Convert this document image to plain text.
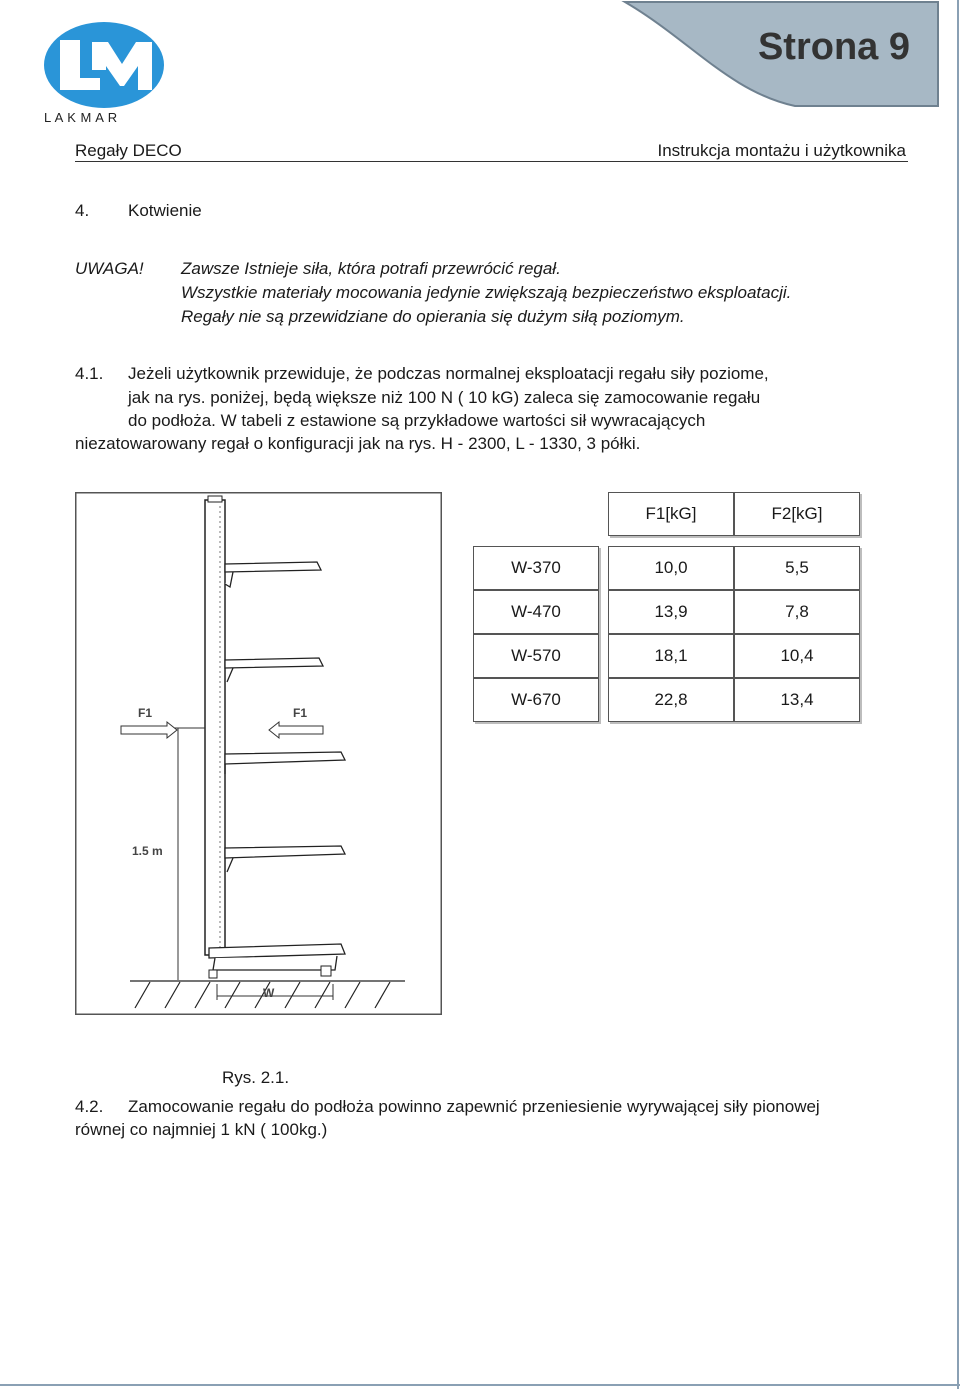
Strona 9
L A K M A R
Regały DECO	Instrukcja montażu i użytkownika
4. Kotwienie
UWAGA! Zawsze Istnieje siła, która potrafi przewrócić regał.
Wszystkie materiały mocowania jedynie zwiększają bezpieczeństwo eksploatacji.
Regały nie są przewidziane do opierania się dużym siłą poziomym.
4.1. Jeżeli użytkownik przewiduje, że podczas normalnej eksploatacji regału siły poziome,
jak na rys. poniżej, będą większe niż 100 N ( 10 kG) zaleca się zamocowanie regału
do podłoża. W tabeli z estawione są przykładowe wartości sił wywracających
niezatowarowany regał o konfiguracji jak na rys. H - 2300, L - 1330, 3 półki.
F1	F1
1.5 m
W
F1[kG]	F2[kG]
W-370	10,0	5,5
W-470	13,9	7,8
W-570	18,1	10,4
W-670	22,8	13,4
Rys. 2.1.
4.2. Zamocowanie regału do podłoża powinno zapewnić przeniesienie wyrywającej siły pionowej
równej co najmniej 1 kN ( 100kg.)
